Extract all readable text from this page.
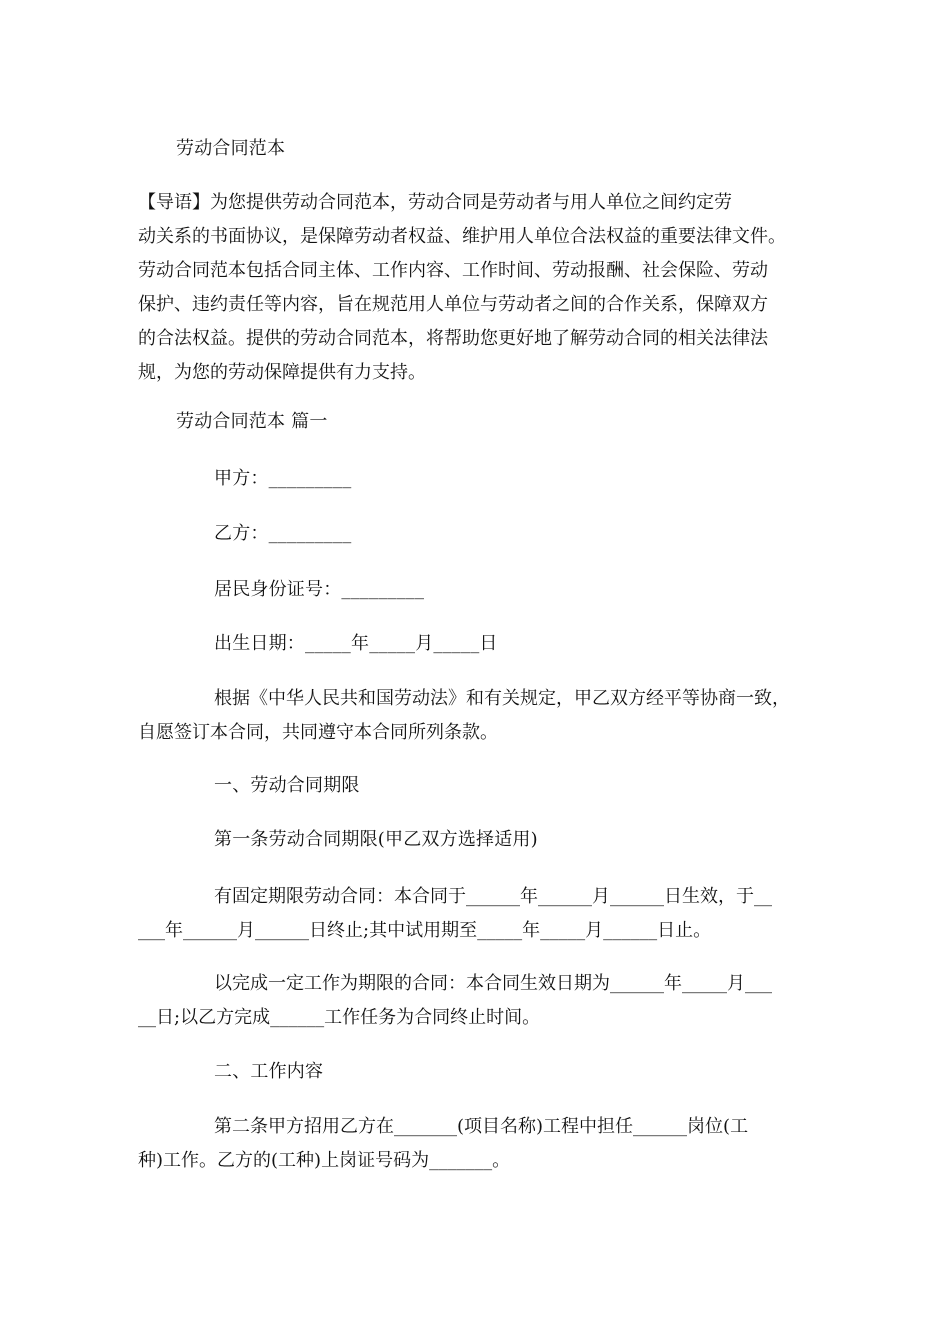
劳动合同范本
【导语】为您提供劳动合同范本，劳动合同是劳动者与用人单位之间约定劳
动关系的书面协议，是保障劳动者权益、维护用人单位合法权益的重要法律文件。
劳动合同范本包括合同主体、工作内容、工作时间、劳动报酬、社会保险、劳动
保护、违约责任等内容，旨在规范用人单位与劳动者之间的合作关系，保障双方
的合法权益。提供的劳动合同范本，将帮助您更好地了解劳动合同的相关法律法
规，为您的劳动保障提供有力支持。
劳动合同范本 篇一
甲方：_________
乙方：_________
居民身份证号：_________
出生日期：_____年_____月_____日
根据《中华人民共和国劳动法》和有关规定，甲乙双方经平等协商一致，
自愿签订本合同，共同遵守本合同所列条款。
一、劳动合同期限
第一条劳动合同期限(甲乙双方选择适用)
有固定期限劳动合同：本合同于______年______月______日生效，于__
___年______月______日终止;其中试用期至_____年_____月______日止。
以完成一定工作为期限的合同：本合同生效日期为______年_____月___
__日;以乙方完成______工作任务为合同终止时间。
二、工作内容
第二条甲方招用乙方在_______(项目名称)工程中担任______岗位(工
种)工作。乙方的(工种)上岗证号码为_______。
